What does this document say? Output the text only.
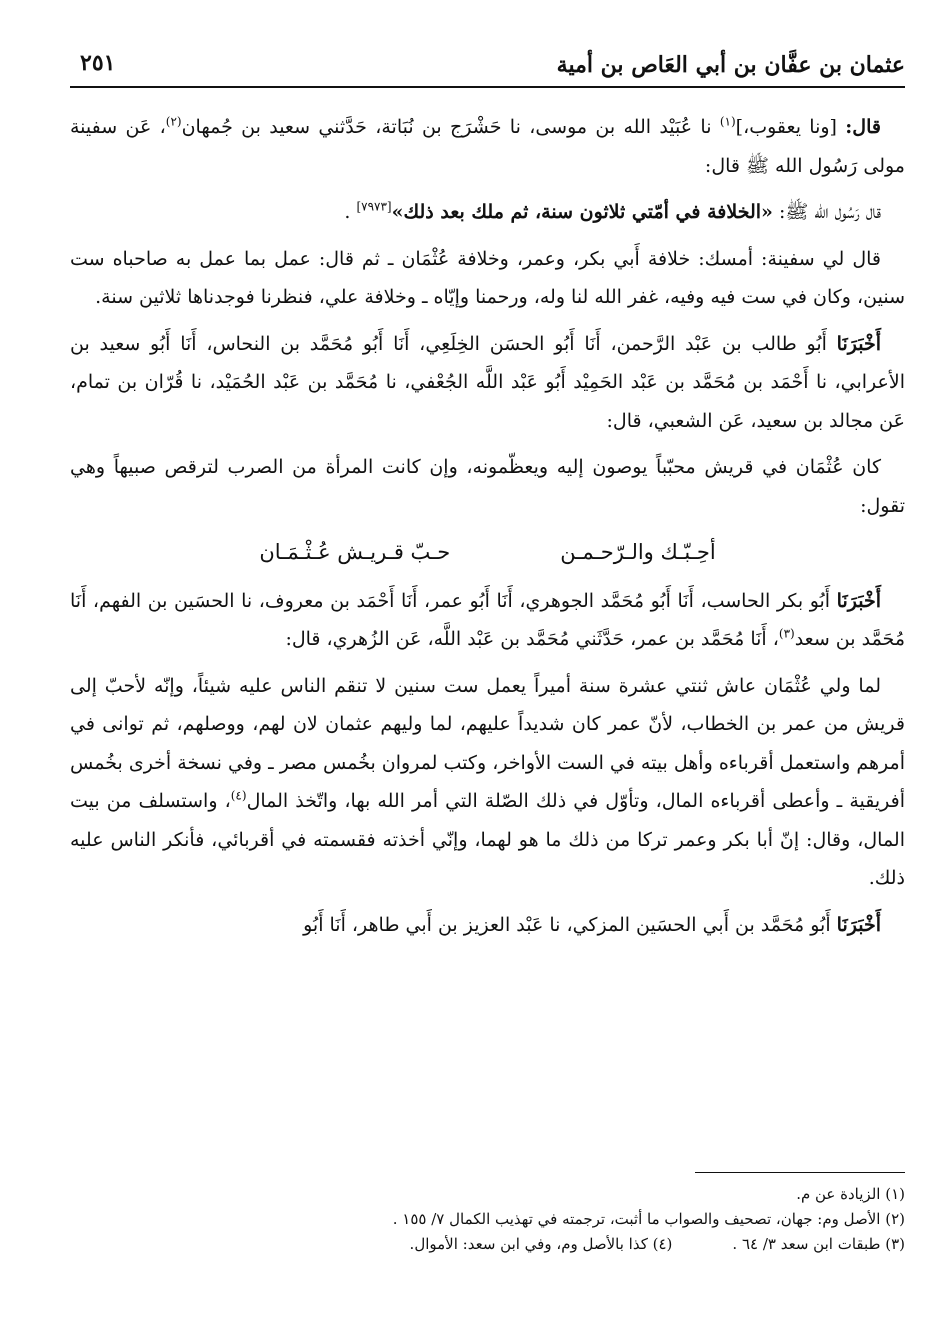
عثمان بن عفَّان بن أبي العَاص بن أمية
٢٥١

قال: [ونا يعقوب،]$^{(١)}$ نا عُبَيْد الله بن موسى، نا حَشْرَج بن نُبَاتة، حَدَّثني سعيد بن جُمهان$^{(٢)}$، عَن سفينة مولى رَسُول الله ﷺ قال:

قال رَسُول الله ﷺ: «الخلافة في أمّتي ثلاثون سنة، ثم ملك بعد ذلك»[٧٩٧٣] .

قال لي سفينة: أمسك: خلافة أَبي بكر، وعمر، وخلافة عُثْمَان ـ ثم قال: عمل بما عمل به صاحباه ست سنين، وكان في ست فيه وفيه، غفر الله لنا وله، ورحمنا وإيّاه ـ وخلافة علي، فنظرنا فوجدناها ثلاثين سنة.

أَخْبَرَنَا أَبُو طالب بن عَبْد الرَّحمن، أَنَا أَبُو الحسَن الخِلَعِي، أَنَا أَبُو مُحَمَّد بن النحاس، أَنَا أَبُو سعيد بن الأعرابي، نا أَحْمَد بن مُحَمَّد بن عَبْد الحَمِيْد أَبُو عَبْد اللَّه الجُعْفي، نا مُحَمَّد بن عَبْد الحُمَيْد، نا قُرّان بن تمام، عَن مجالد بن سعيد، عَن الشعبي، قال:

كان عُثْمَان في قريش محبّباً يوصون إليه ويعظّمونه، وإن كانت المرأة من الصرب لترقص صبيهاً وهي تقول:

أحِـبّـك والـرّحـمـن
حـبّ قـريـش عُـثْـمَـان

أَخْبَرَنَا أَبُو بكر الحاسب، أَنَا أَبُو مُحَمَّد الجوهري، أَنَا أَبُو عمر، أَنَا أَحْمَد بن معروف، نا الحسَين بن الفهم، أَنَا مُحَمَّد بن سعد$^{(٣)}$، أَنَا مُحَمَّد بن عمر، حَدَّثَني مُحَمَّد بن عَبْد اللَّه، عَن الزُهري، قال:

لما ولي عُثْمَان عاش ثنتي عشرة سنة أميراً يعمل ست سنين لا تنقم الناس عليه شيئاً، وإنّه لأحبّ إلى قريش من عمر بن الخطاب، لأنّ عمر كان شديداً عليهم، لما وليهم عثمان لان لهم، ووصلهم، ثم توانى في أمرهم واستعمل أقرباءه وأهل بيته في الست الأواخر، وكتب لمروان بخُمس مصر ـ وفي نسخة أخرى بخُمس أفريقية ـ وأعطى أقرباءه المال، وتأوّل في ذلك الصّلة التي أمر الله بها، واتّخذ المال$^{(٤)}$، واستسلف من بيت المال، وقال: إنّ أبا بكر وعمر تركا من ذلك ما هو لهما، وإنّي أخذته فقسمته في أقربائي، فأنكر الناس عليه ذلك.

أَخْبَرَنَا أَبُو مُحَمَّد بن أَبي الحسَين المزكي، نا عَبْد العزيز بن أَبي طاهر، أَنَا أَبُو

(١) الزيادة عن م.
(٢) الأصل وم: جهان، تصحيف والصواب ما أثبت، ترجمته في تهذيب الكمال ٧/ ١٥٥ .
(٣) طبقات ابن سعد ٣/ ٦٤ .
(٤) كذا بالأصل وم، وفي ابن سعد: الأموال.
